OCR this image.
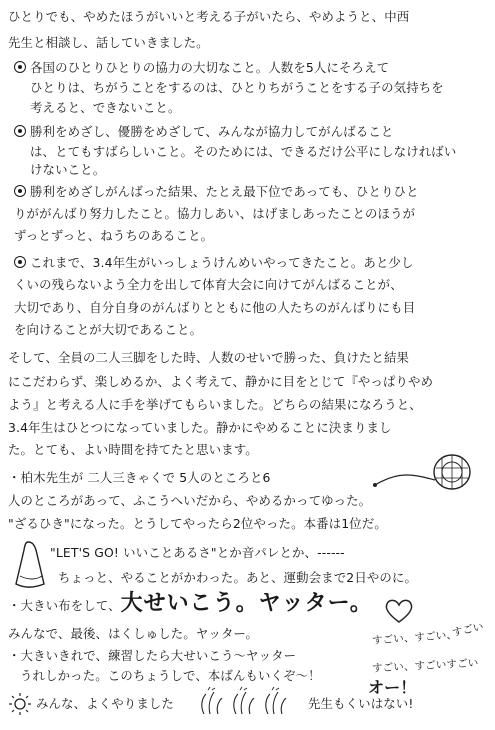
ひとりでも、やめたほうがいいと考える子がいたら、やめようと、中西
先生と相談し、話していきました。
各国のひとりひとりの協力の大切なこと。人数を5人にそろえて
ひとりは、ちがうことをするのは、ひとりちがうことをする子の気持ちを
考えると、できないこと。
勝利をめざし、優勝をめざして、みんなが協力してがんばること
は、とてもすばらしいこと。そのためには、できるだけ公平にしなければい
けないこと。
勝利をめざしがんばった結果、たとえ最下位であっても、ひとりひと
りががんばり努力したこと。協力しあい、はげましあったことのほうが
ずっとずっと、ねうちのあること。
これまで、3.4年生がいっしょうけんめいやってきたこと。あと少し
くいの残らないよう全力を出して体育大会に向けてがんばることが、
大切であり、自分自身のがんばりとともに他の人たちのがんばりにも目
を向けることが大切であること。
そして、全員の二人三脚をした時、人数のせいで勝った、負けたと結果
にこだわらず、楽しめるか、よく考えて、静かに目をとじて『やっぱりやめ
よう』と考える人に手を挙げてもらいました。どちらの結果になろうと、
3.4年生はひとつになっていました。静かにやめることに決まりまし
た。とても、よい時間を持てたと思います。
・柏木先生が 二人三きゃくで 5人のところと6
人のところがあって、ふこうへいだから、やめるかってゆった。
"ざるひき"になった。とうしてやったら2位やった。本番は1位だ。
"LET'S GO! いいことあるさ"とか音パレとか、------
ちょっと、やることがかわった。あと、運動会まで2日やのに。
・大きい布をして、大せいこう。ヤッター。
みんなで、最後、はくしゅした。ヤッター。	すごい
すごい、すごい、
・大きいきれで、練習したら大せいこう～ヤッター
すごい、すごいすごい
うれしかった。このちょうしで、本ばんもいくぞ～！
オー！
みんな、よくやりました	先生もくいはない!
